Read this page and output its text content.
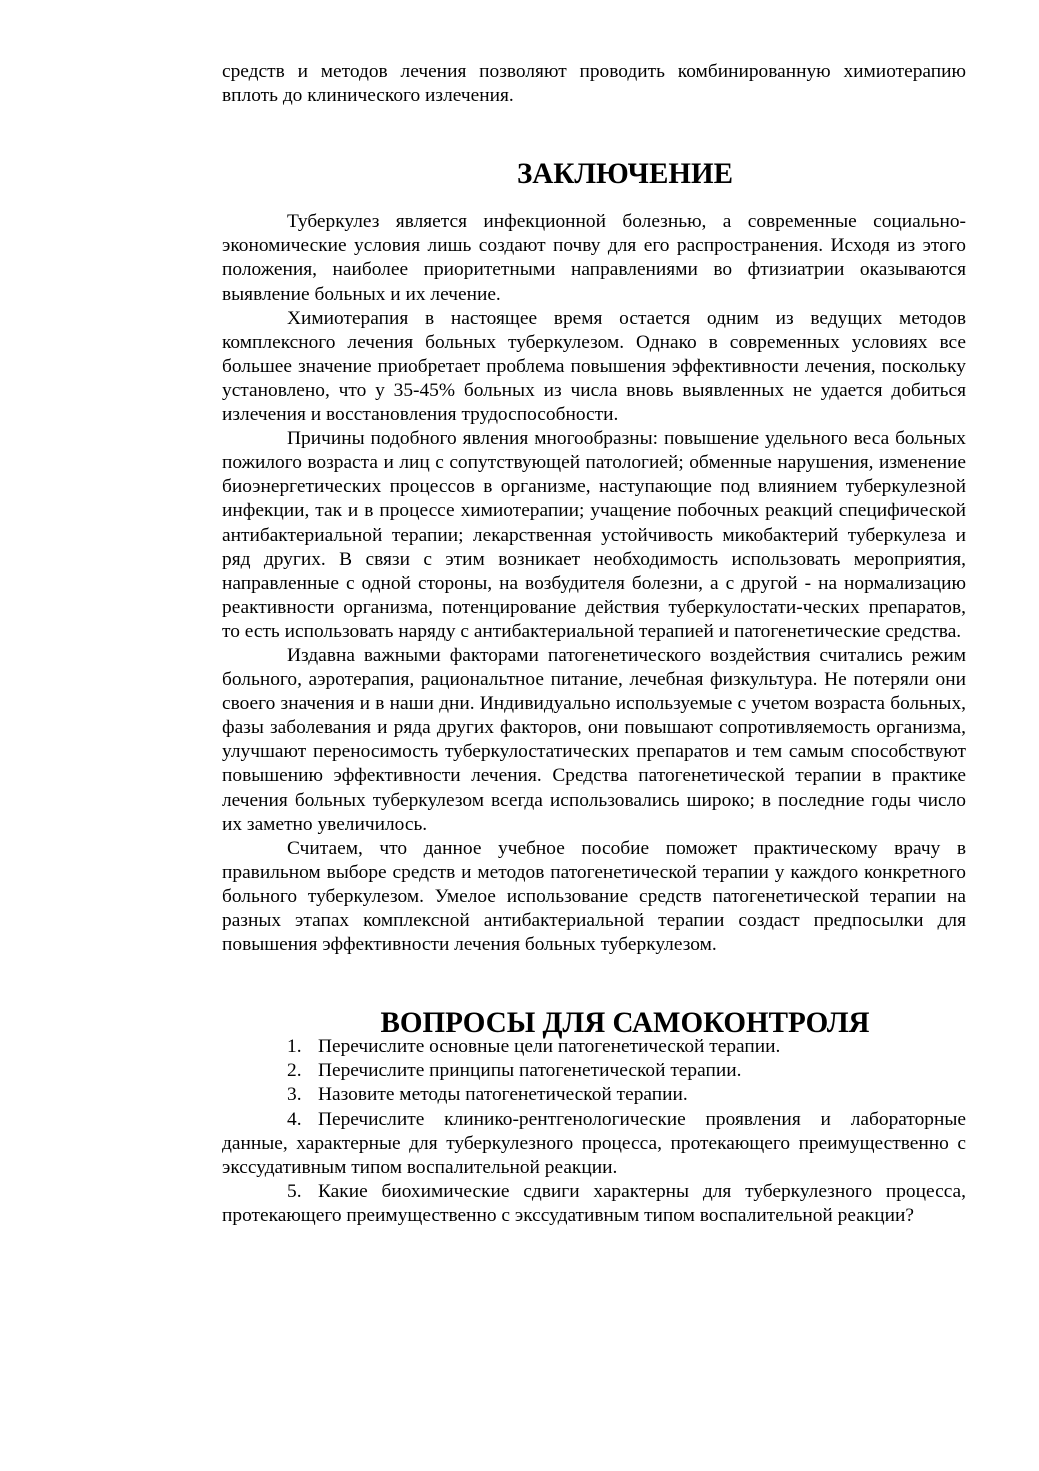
средств и методов лечения позволяют проводить комбинированную химиотерапию вплоть до клинического излечения.

ЗАКЛЮЧЕНИЕ

Туберкулез является инфекционной болезнью, а современные социально-экономические условия лишь создают почву для его распространения. Исходя из этого положения, наиболее приоритетными направлениями во фтизиатрии оказываются выявление больных и их лечение.

Химиотерапия в настоящее время остается одним из ведущих методов комплексного лечения больных туберкулезом. Однако в современных условиях все большее значение приобретает проблема повышения эффективности лечения, поскольку установлено, что у 35-45% больных из числа вновь выявленных не удается добиться излечения и восстановления трудоспособности.

Причины подобного явления многообразны: повышение удельного веса больных пожилого возраста и лиц с сопутствующей патологией; обменные нарушения, изменение биоэнергетических процессов в организме, наступающие под влиянием туберкулезной инфекции, так и в процессе химиотерапии; учащение побочных реакций специфической антибактериальной терапии; лекарственная устойчивость микобактерий туберкулеза и ряд других. В связи с этим возникает необходимость использовать мероприятия, направленные с одной стороны, на возбудителя болезни, а с другой - на нормализацию реактивности организма, потенцирование действия туберкулостати-ческих препаратов, то есть использовать наряду с антибактериальной терапией и патогенетические средства.

Издавна важными факторами патогенетического воздействия считались режим больного, аэротерапия, рациональтное питание, лечебная физкультура. Не потеряли они своего значения и в наши дни. Индивидуально используемые с учетом возраста больных, фазы заболевания и ряда других факторов, они повышают сопротивляемость организма, улучшают переносимость туберкулостатических препаратов и тем самым способствуют повышению эффективности лечения. Средства патогенетической терапии в практике лечения больных туберкулезом всегда использовались широко; в последние годы число их заметно увеличилось.

Считаем, что данное учебное пособие поможет практическому врачу в правильном выборе средств и методов патогенетической терапии у каждого конкретного больного туберкулезом. Умелое использование средств патогенетической терапии на разных этапах комплексной антибактериальной терапии создаст предпосылки для повышения эффективности лечения больных туберкулезом.

ВОПРОСЫ ДЛЯ САМОКОНТРОЛЯ
1. Перечислите основные цели патогенетической терапии.
2. Перечислите принципы патогенетической терапии.
3. Назовите методы патогенетической терапии.
4. Перечислите клинико-рентгенологические проявления и лабораторные данные, характерные для туберкулезного процесса, протекающего преимущественно с экссудативным типом воспалительной реакции.
5. Какие биохимические сдвиги характерны для туберкулезного процесса, протекающего преимущественно с экссудативным типом воспалительной реакции?
